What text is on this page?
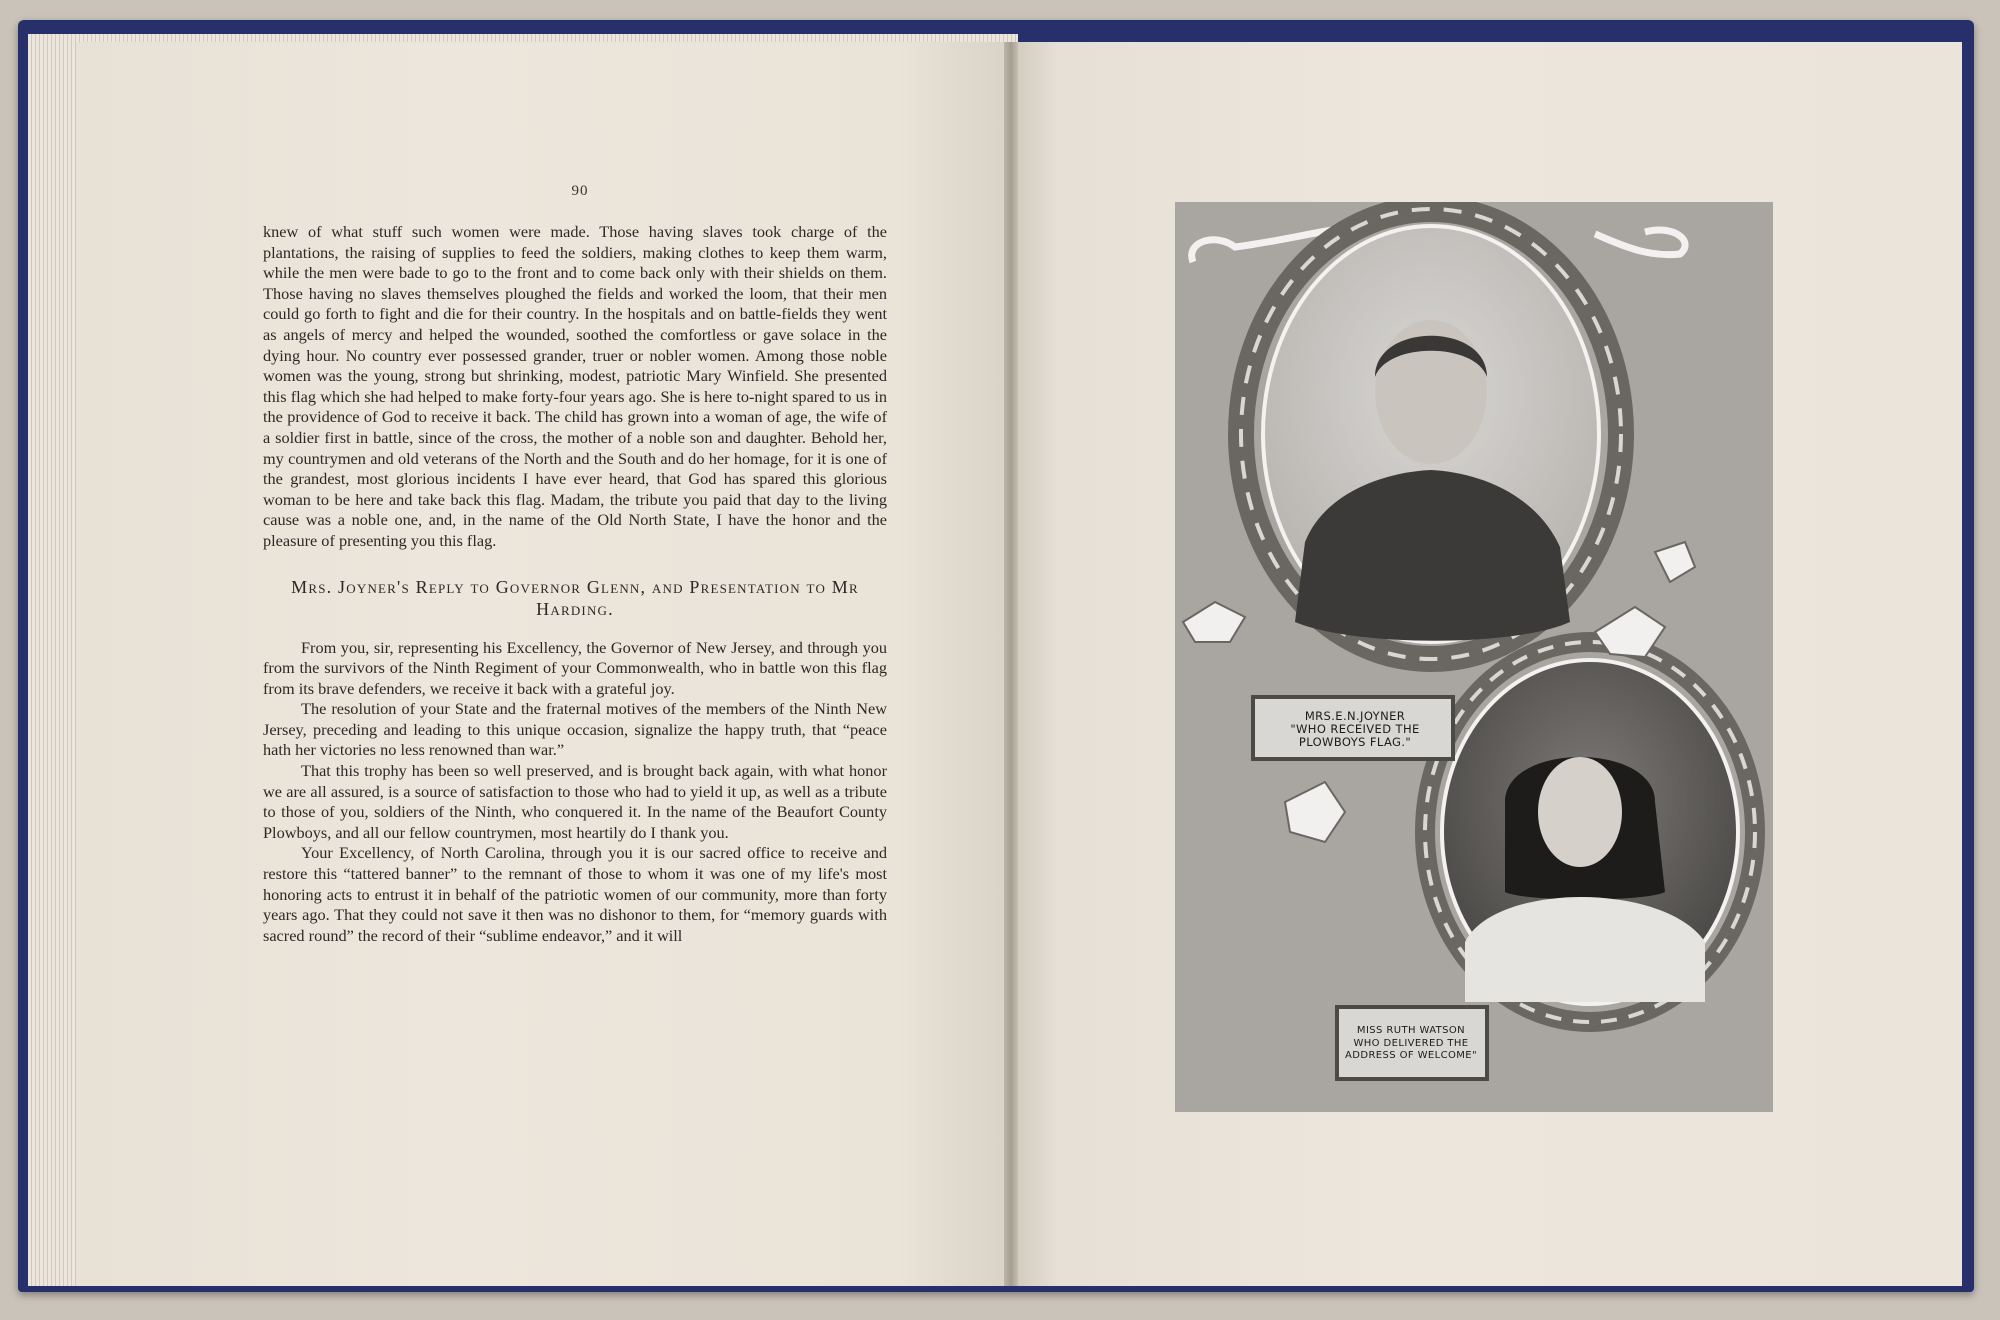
90

knew of what stuff such women were made. Those having slaves took charge of the plantations, the raising of supplies to feed the soldiers, making clothes to keep them warm, while the men were bade to go to the front and to come back only with their shields on them. Those having no slaves themselves ploughed the fields and worked the loom, that their men could go forth to fight and die for their country. In the hospitals and on battle-fields they went as angels of mercy and helped the wounded, soothed the comfortless or gave solace in the dying hour. No country ever possessed grander, truer or nobler women. Among those noble women was the young, strong but shrinking, modest, patriotic Mary Winfield. She presented this flag which she had helped to make forty-four years ago. She is here to-night spared to us in the providence of God to receive it back. The child has grown into a woman of age, the wife of a soldier first in battle, since of the cross, the mother of a noble son and daughter. Behold her, my countrymen and old veterans of the North and the South and do her homage, for it is one of the grandest, most glorious incidents I have ever heard, that God has spared this glorious woman to be here and take back this flag. Madam, the tribute you paid that day to the living cause was a noble one, and, in the name of the Old North State, I have the honor and the pleasure of presenting you this flag.

Mrs. Joyner's Reply to Governor Glenn, and Presentation to Mr Harding.

From you, sir, representing his Excellency, the Governor of New Jersey, and through you from the survivors of the Ninth Regiment of your Commonwealth, who in battle won this flag from its brave defenders, we receive it back with a grateful joy.

The resolution of your State and the fraternal motives of the members of the Ninth New Jersey, preceding and leading to this unique occasion, signalize the happy truth, that “peace hath her victories no less renowned than war.”

That this trophy has been so well preserved, and is brought back again, with what honor we are all assured, is a source of satisfaction to those who had to yield it up, as well as a tribute to those of you, soldiers of the Ninth, who conquered it. In the name of the Beaufort County Plowboys, and all our fellow countrymen, most heartily do I thank you.

Your Excellency, of North Carolina, through you it is our sacred office to receive and restore this “tattered banner” to the remnant of those to whom it was one of my life's most honoring acts to entrust it in behalf of the patriotic women of our community, more than forty years ago. That they could not save it then was no dishonor to them, for “memory guards with sacred round” the record of their “sublime endeavor,” and it will

MRS.E.N.JOYNER
"WHO RECEIVED THE
PLOWBOYS FLAG."
MISS RUTH WATSON
WHO DELIVERED THE
ADDRESS OF WELCOME"
